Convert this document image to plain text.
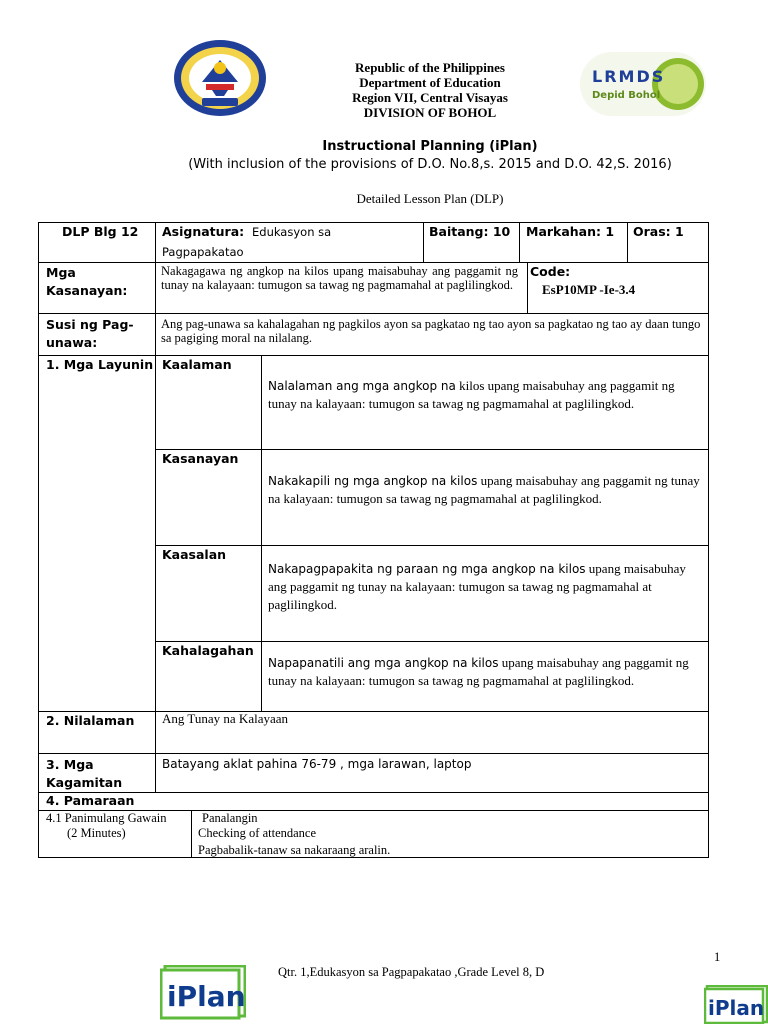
Republic of the Philippines
Department of Education
Region VII, Central Visayas
DIVISION OF BOHOL
LRMDS
Depid Bohol
Instructional Planning (iPlan)
(With inclusion of the provisions of D.O. No.8,s. 2015 and D.O. 42,S. 2016)
Detailed Lesson Plan (DLP)
DLP Blg 12 Asignatura: Edukasyon sa
Pagpapakatao
Baitang: 10 Markahan: 1 Oras: 1
Mga
Kasanayan:
Nakagagawa ng angkop na kilos upang maisabuhay ang paggamit ng tunay na kalayaan: tumugon sa tawag ng pagmamahal at paglilingkod.
Code:
EsP10MP -Ie-3.4
Susi ng Pag-
unawa:
Ang pag-unawa sa kahalagahan ng pagkilos ayon sa pagkatao ng tao ayon sa pagkatao ng tao ay daan tungo sa pagiging moral na nilalang.
1. Mga Layunin Kaalaman
Nalalaman ang mga angkop na kilos upang maisabuhay ang paggamit ng tunay na kalayaan: tumugon sa tawag ng pagmamahal at paglilingkod.
Kasanayan
Nakakapili ng mga angkop na kilos upang maisabuhay ang paggamit ng tunay na kalayaan: tumugon sa tawag ng pagmamahal at paglilingkod.
Kaasalan
Nakapagpapakita ng paraan ng mga angkop na kilos upang maisabuhay ang paggamit ng tunay na kalayaan: tumugon sa tawag ng pagmamahal at paglilingkod.
Kahalagahan
Napapanatili ang mga angkop na kilos upang maisabuhay ang paggamit ng tunay na kalayaan: tumugon sa tawag ng pagmamahal at paglilingkod.
2. Nilalaman Ang Tunay na Kalayaan
3. Mga
Kagamitan
Batayang aklat pahina 76-79 , mga larawan, laptop
4. Pamaraan
4.1 Panimulang Gawain
(2 Minutes)
Panalangin
Checking of attendance
Pagbabalik-tanaw sa nakaraang aralin.
1
Qtr. 1,Edukasyon sa Pagpapakatao ,Grade Level 8, D
iPlan	iPlan
